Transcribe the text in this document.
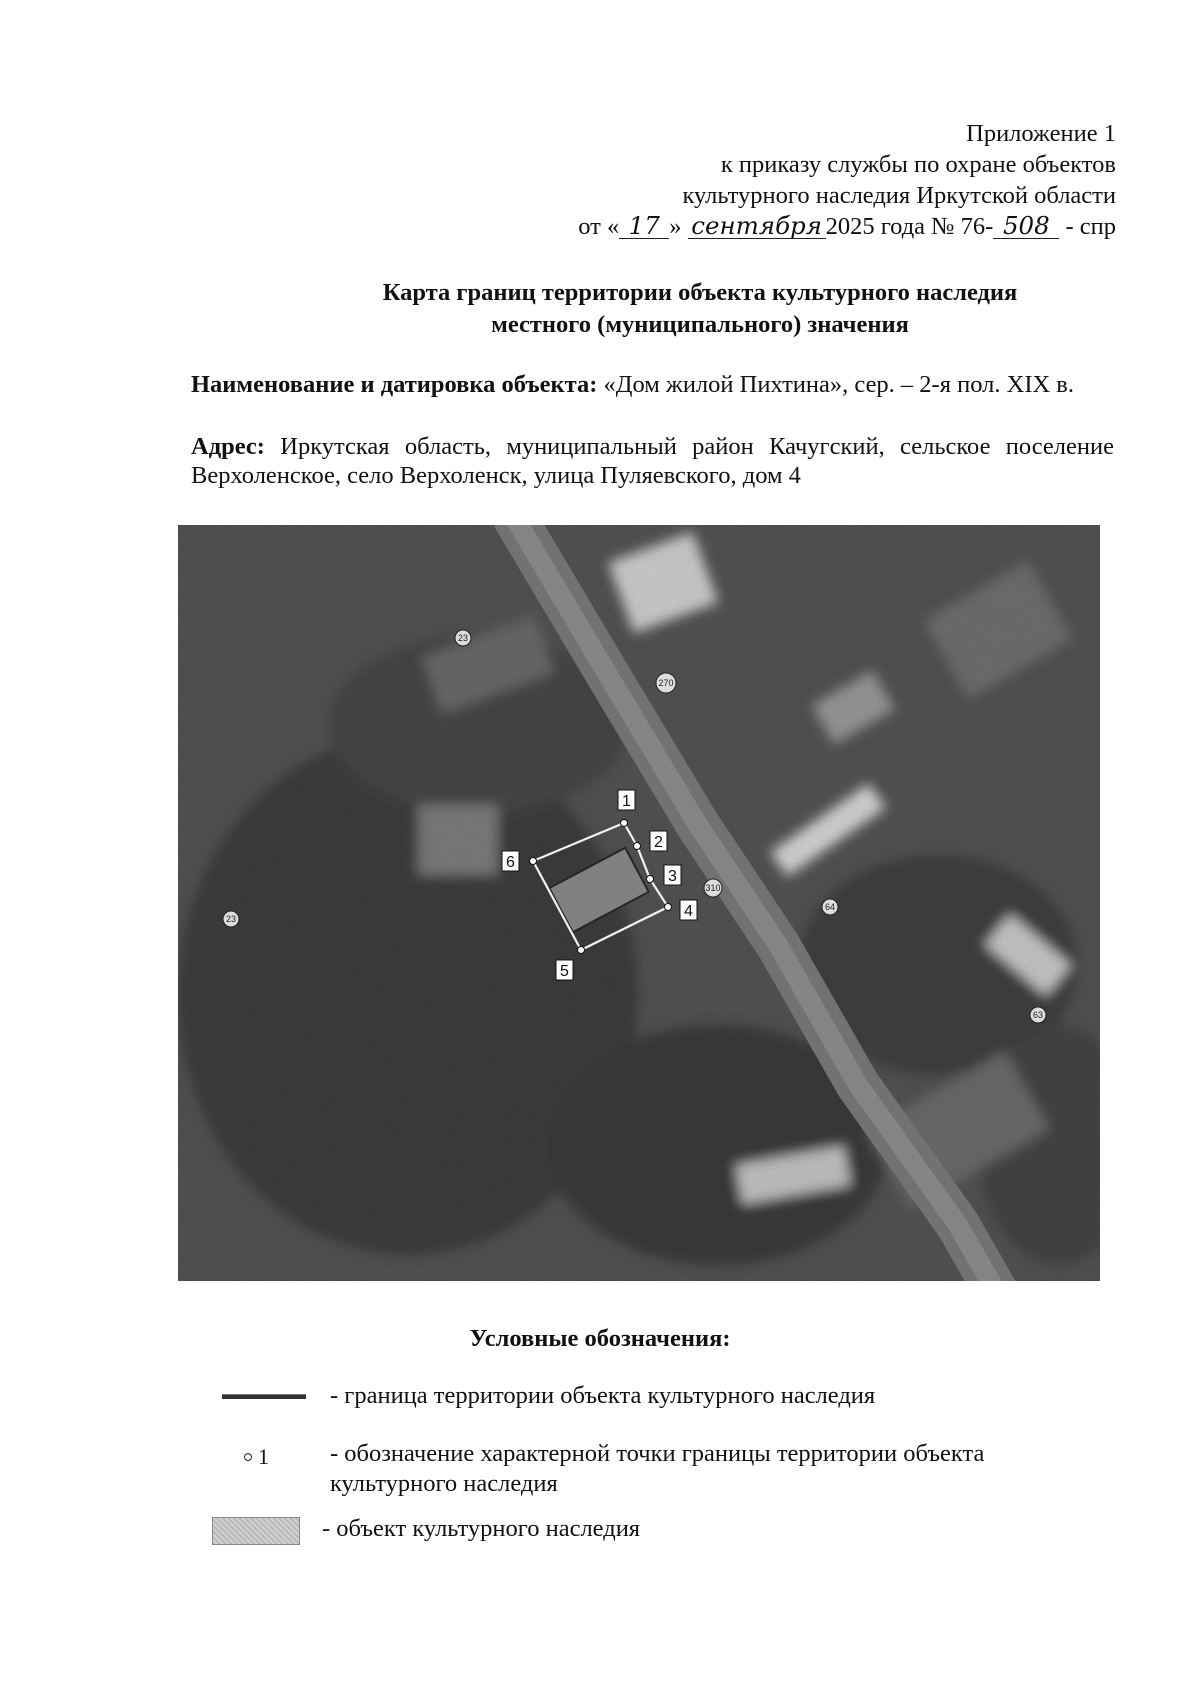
Приложение 1
к приказу службы по охране объектов
культурного наследия Иркутской области
от « 17 » сентября 2025 года № 76- 508 - спр
Карта границ территории объекта культурного наследия
местного (муниципального) значения
Наименование и датировка объекта: «Дом жилой Пихтина», сер. – 2-я пол. XIX в.
Адрес: Иркутская область, муниципальный район Качугский, сельское поселение Верхоленское, село Верхоленск, улица Пуляевского, дом 4
23
270
310
64
63
23
1
2
3
4
5
6
Условные обозначения:
- граница территории объекта культурного наследия
1 - обозначение характерной точки границы территории объекта культурного наследия
- объект культурного наследия
